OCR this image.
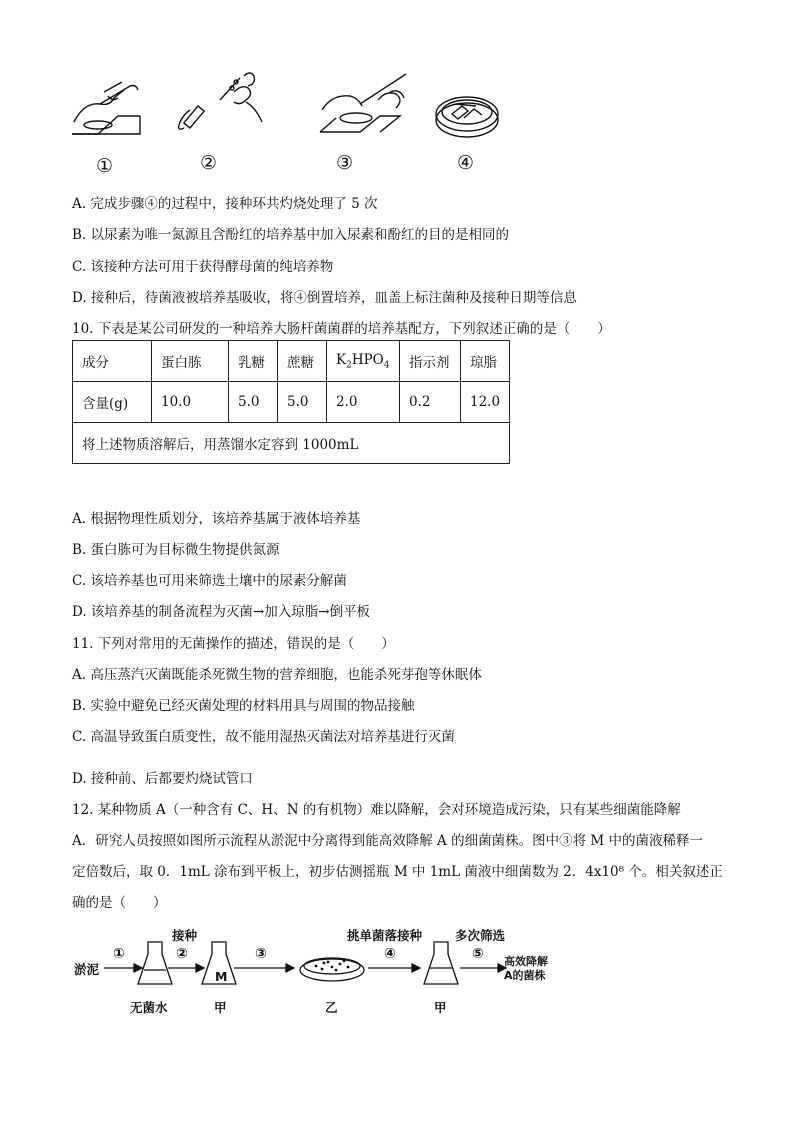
①	②	③	④
A. 完成步骤④的过程中，接种环共灼烧处理了 5 次
B. 以尿素为唯一氮源且含酚红的培养基中加入尿素和酚红的目的是相同的
C. 该接种方法可用于获得酵母菌的纯培养物
D. 接种后，待菌液被培养基吸收，将④倒置培养，皿盖上标注菌种及接种日期等信息
10. 下表是某公司研发的一种培养大肠杆菌菌群的培养基配方，下列叙述正确的是（　　）
成分	蛋白胨	乳糖	蔗糖	$K_2HPO_4$	指示剂	琼脂
含量(g)	10.0	5.0	5.0	2.0	0.2	12.0
将上述物质溶解后，用蒸馏水定容到 1000mL						
A. 根据物理性质划分，该培养基属于液体培养基
B. 蛋白胨可为目标微生物提供氮源
C. 该培养基也可用来筛选土壤中的尿素分解菌
D. 该培养基的制备流程为灭菌→加入琼脂→倒平板
11. 下列对常用的无菌操作的描述，错误的是（　　）
A. 高压蒸汽灭菌既能杀死微生物的营养细胞，也能杀死芽孢等休眠体
B. 实验中避免已经灭菌处理的材料用具与周围的物品接触
C. 高温导致蛋白质变性，故不能用湿热灭菌法对培养基进行灭菌
D. 接种前、后都要灼烧试管口
12. 某种物质 A（一种含有 C、H、N 的有机物）难以降解，会对环境造成污染，只有某些细菌能降解
A．研究人员按照如图所示流程从淤泥中分离得到能高效降解 A 的细菌菌株。图中③将 M 中的菌液稀释一
定倍数后，取 0．1mL 涂布到平板上，初步估测摇瓶 M 中 1mL 菌液中细菌数为 2．4x10⁸ 个。相关叙述正
确的是（　　）
淤泥
①	②	③	④	⑤
接种	挑单菌落接种	多次筛选
M
无菌水	甲	乙	甲
高效降解
A的菌株
